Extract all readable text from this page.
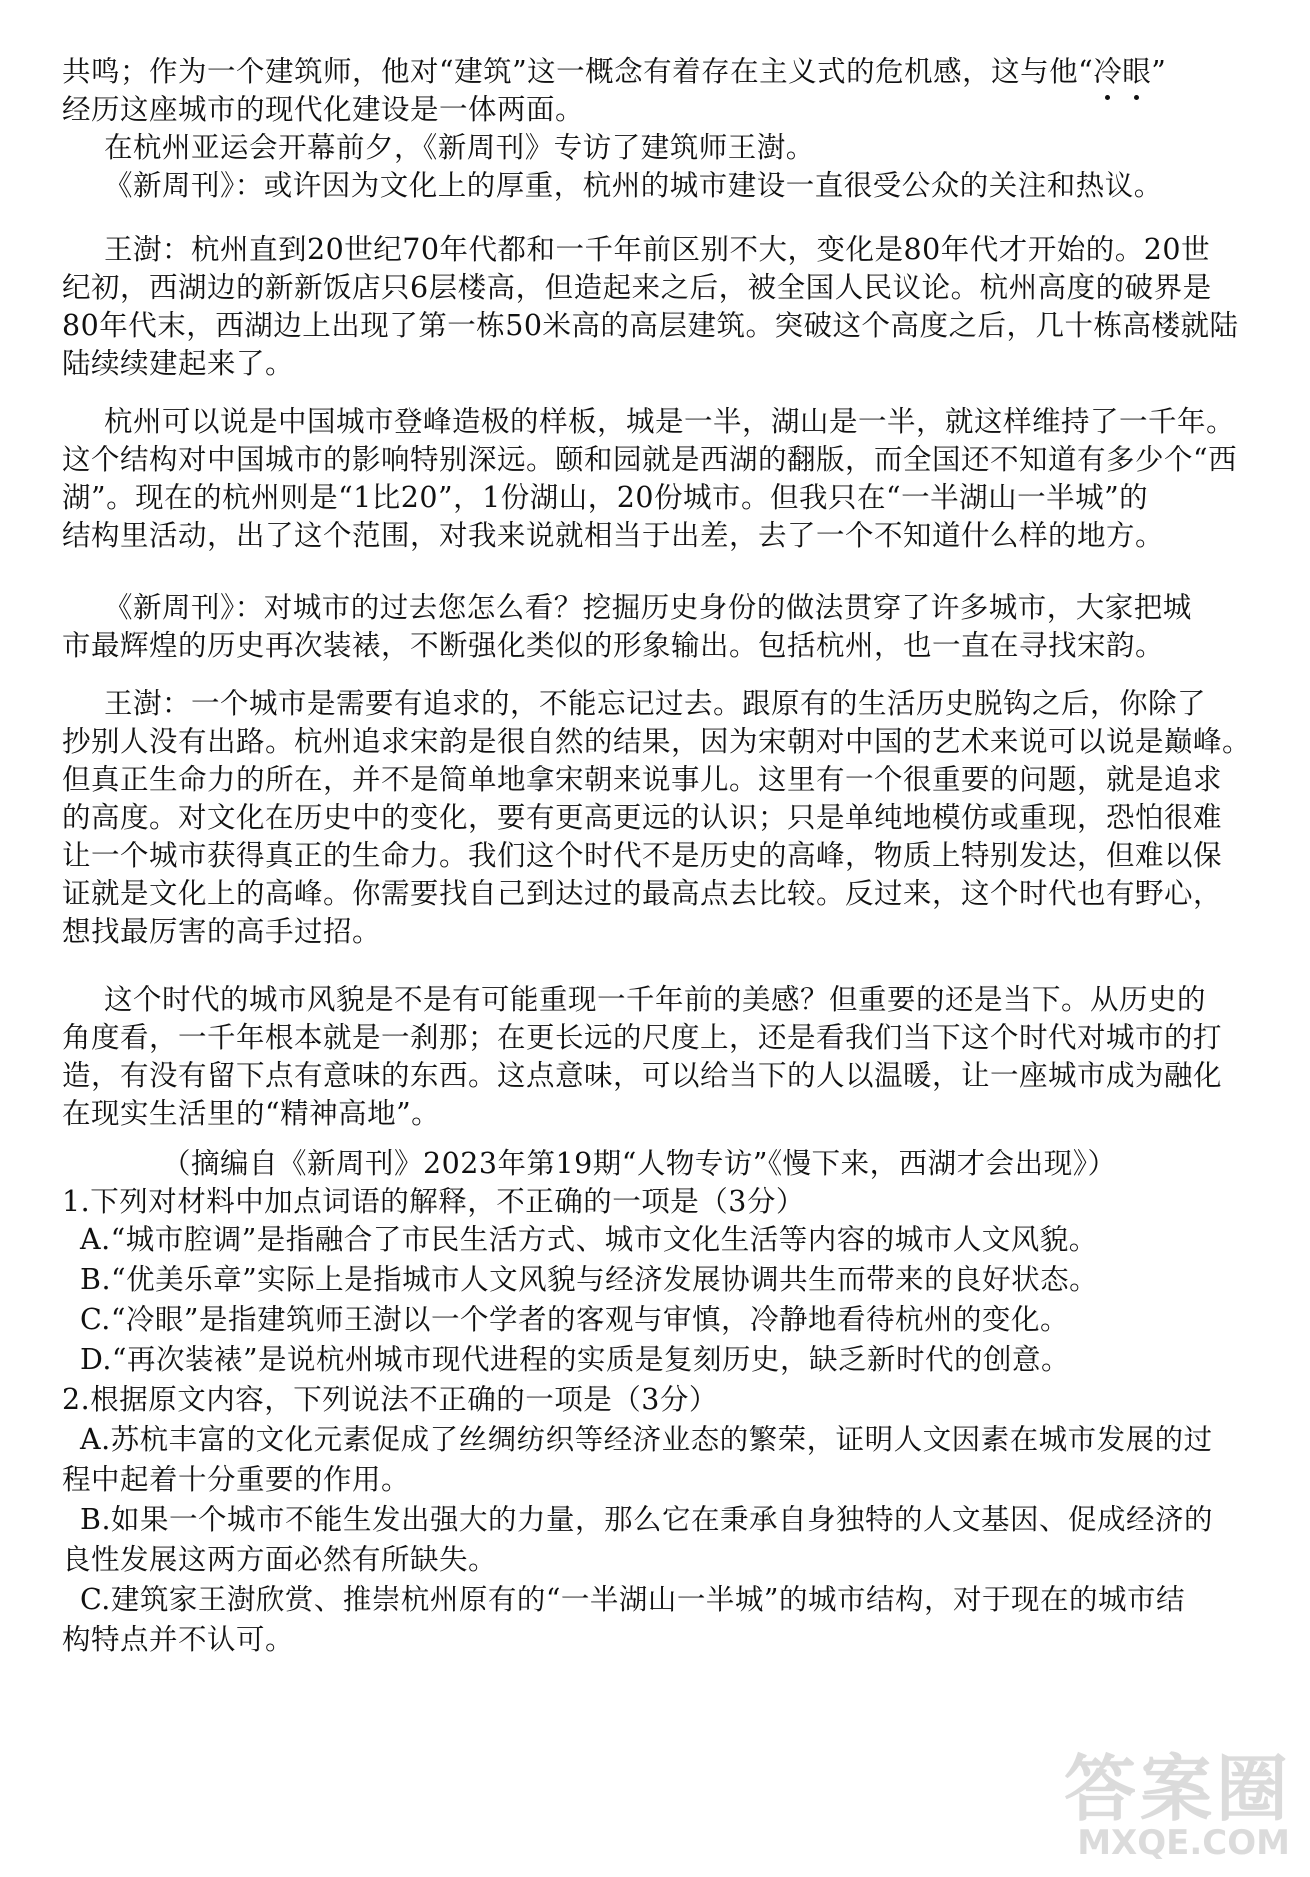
共鸣；作为一个建筑师，他对“建筑”这一概念有着存在主义式的危机感，这与他“冷眼”
经历这座城市的现代化建设是一体两面。
在杭州亚运会开幕前夕，《新周刊》专访了建筑师王澍。
《新周刊》：或许因为文化上的厚重，杭州的城市建设一直很受公众的关注和热议。
王澍：杭州直到20世纪70年代都和一千年前区别不大，变化是80年代才开始的。20世
纪初，西湖边的新新饭店只6层楼高，但造起来之后，被全国人民议论。杭州高度的破界是
80年代末，西湖边上出现了第一栋50米高的高层建筑。突破这个高度之后，几十栋高楼就陆
陆续续建起来了。
杭州可以说是中国城市登峰造极的样板，城是一半，湖山是一半，就这样维持了一千年。
这个结构对中国城市的影响特别深远。颐和园就是西湖的翻版，而全国还不知道有多少个“西
湖”。现在的杭州则是“1比20”，1份湖山，20份城市。但我只在“一半湖山一半城”的
结构里活动，出了这个范围，对我来说就相当于出差，去了一个不知道什么样的地方。
《新周刊》：对城市的过去您怎么看？挖掘历史身份的做法贯穿了许多城市，大家把城
市最辉煌的历史再次装裱，不断强化类似的形象输出。包括杭州，也一直在寻找宋韵。
王澍：一个城市是需要有追求的，不能忘记过去。跟原有的生活历史脱钩之后，你除了
抄别人没有出路。杭州追求宋韵是很自然的结果，因为宋朝对中国的艺术来说可以说是巅峰。
但真正生命力的所在，并不是简单地拿宋朝来说事儿。这里有一个很重要的问题，就是追求
的高度。对文化在历史中的变化，要有更高更远的认识；只是单纯地模仿或重现，恐怕很难
让一个城市获得真正的生命力。我们这个时代不是历史的高峰，物质上特别发达，但难以保
证就是文化上的高峰。你需要找自己到达过的最高点去比较。反过来，这个时代也有野心，
想找最厉害的高手过招。
这个时代的城市风貌是不是有可能重现一千年前的美感？但重要的还是当下。从历史的
角度看，一千年根本就是一刹那；在更长远的尺度上，还是看我们当下这个时代对城市的打
造，有没有留下点有意味的东西。这点意味，可以给当下的人以温暖，让一座城市成为融化
在现实生活里的“精神高地”。
（摘编自《新周刊》2023年第19期“人物专访”《慢下来，西湖才会出现》）
1.下列对材料中加点词语的解释，不正确的一项是（3分）
A.“城市腔调”是指融合了市民生活方式、城市文化生活等内容的城市人文风貌。
B.“优美乐章”实际上是指城市人文风貌与经济发展协调共生而带来的良好状态。
C.“冷眼”是指建筑师王澍以一个学者的客观与审慎，冷静地看待杭州的变化。
D.“再次装裱”是说杭州城市现代进程的实质是复刻历史，缺乏新时代的创意。
2.根据原文内容，下列说法不正确的一项是（3分）
A.苏杭丰富的文化元素促成了丝绸纺织等经济业态的繁荣，证明人文因素在城市发展的过
程中起着十分重要的作用。
B.如果一个城市不能生发出强大的力量，那么它在秉承自身独特的人文基因、促成经济的
良性发展这两方面必然有所缺失。
C.建筑家王澍欣赏、推崇杭州原有的“一半湖山一半城”的城市结构，对于现在的城市结
构特点并不认可。
答案圈
MXQE.COM
